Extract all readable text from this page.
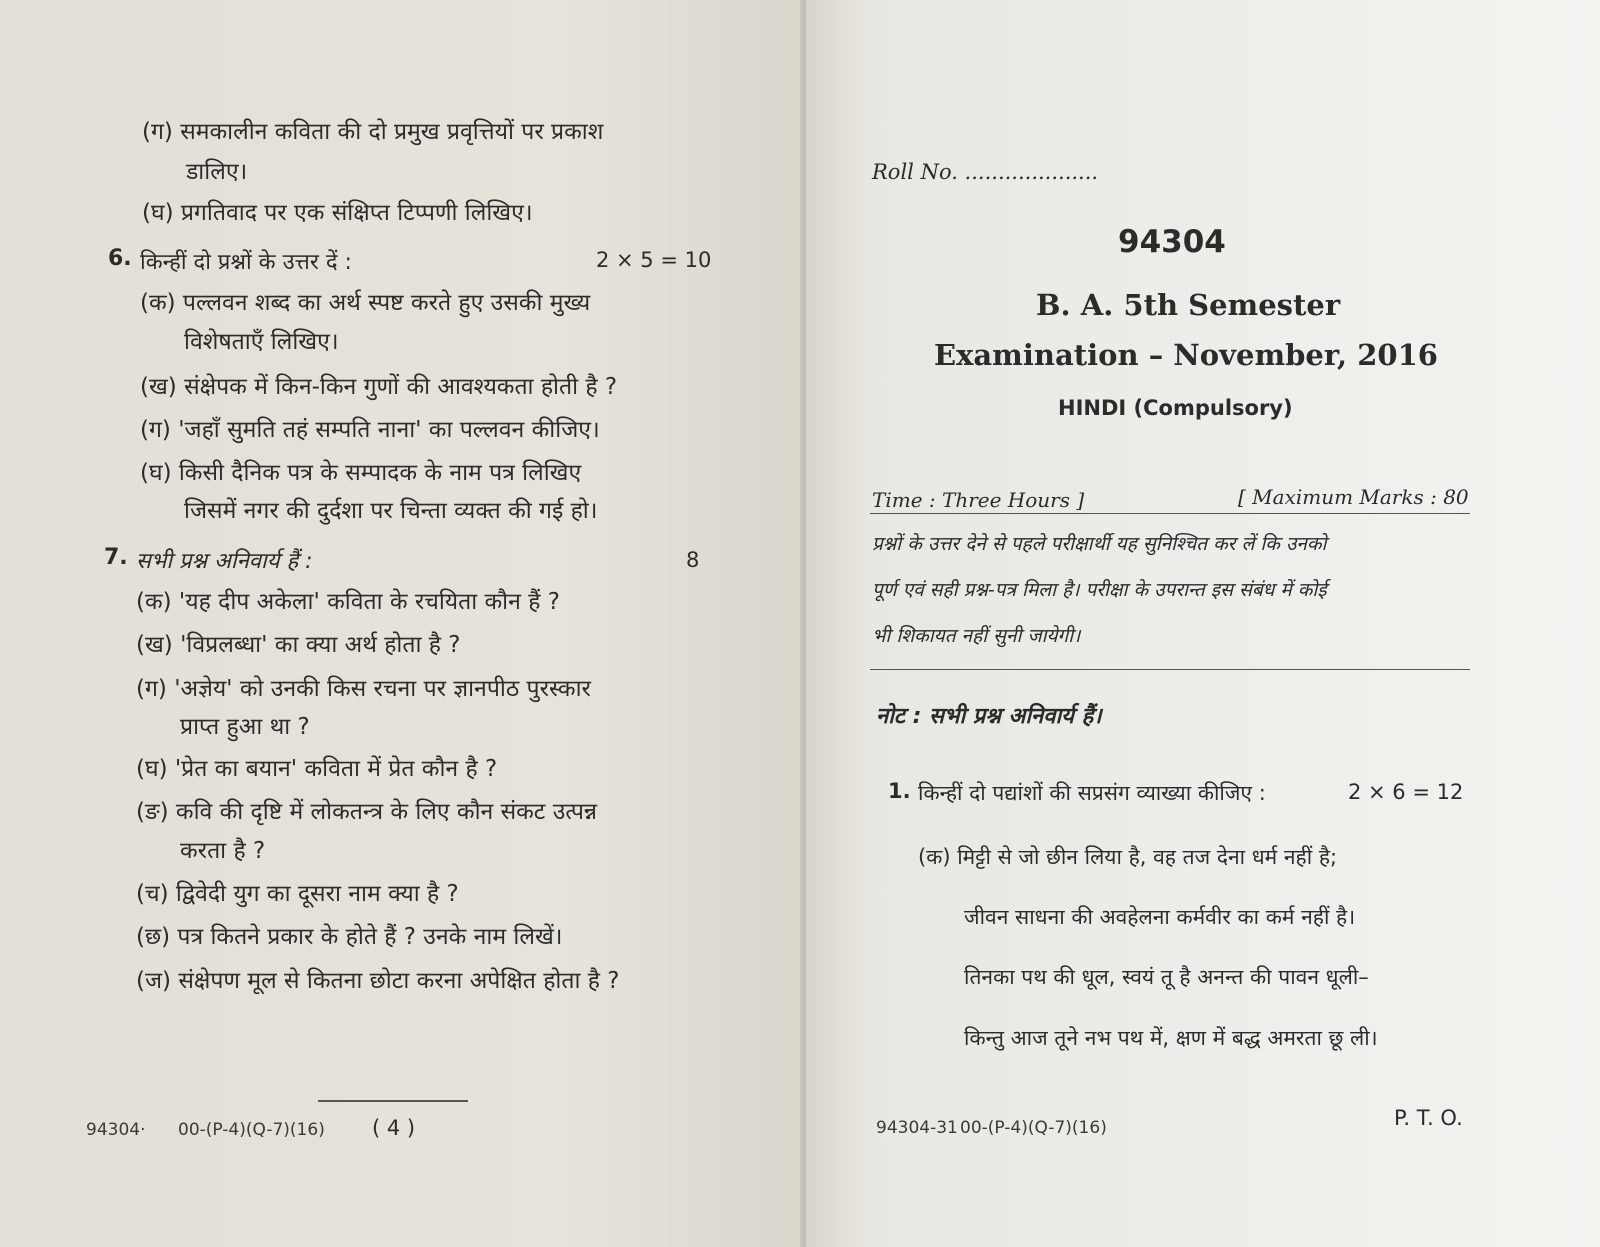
(ग) समकालीन कविता की दो प्रमुख प्रवृत्तियों पर प्रकाश

डालिए।

(घ) प्रगतिवाद पर एक संक्षिप्त टिप्पणी लिखिए।

6. किन्हीं दो प्रश्नों के उत्तर दें :	2 × 5 = 10

(क) पल्लवन शब्द का अर्थ स्पष्ट करते हुए उसकी मुख्य

विशेषताएँ लिखिए।

(ख) संक्षेपक में किन-किन गुणों की आवश्यकता होती है ?

(ग) 'जहाँ सुमति तहं सम्पति नाना' का पल्लवन कीजिए।

(घ) किसी दैनिक पत्र के सम्पादक के नाम पत्र लिखिए

जिसमें नगर की दुर्दशा पर चिन्ता व्यक्त की गई हो।

7. सभी प्रश्न अनिवार्य हैं :	8

(क) 'यह दीप अकेला' कविता के रचयिता कौन हैं ?

(ख) 'विप्रलब्धा' का क्या अर्थ होता है ?

(ग) 'अज्ञेय' को उनकी किस रचना पर ज्ञानपीठ पुरस्कार

प्राप्त हुआ था ?

(घ) 'प्रेत का बयान' कविता में प्रेत कौन है ?

(ङ) कवि की दृष्टि में लोकतन्त्र के लिए कौन संकट उत्पन्न

करता है ?

(च) द्विवेदी युग का दूसरा नाम क्या है ?

(छ) पत्र कितने प्रकार के होते हैं ? उनके नाम लिखें।

(ज) संक्षेपण मूल से कितना छोटा करना अपेक्षित होता है ?

94304· 00-(P-4)(Q-7)(16) ( 4 )

Roll No. ....................

94304

B. A. 5th Semester

Examination – November, 2016

HINDI (Compulsory)

Time : Three Hours ]	[ Maximum Marks : 80

प्रश्नों के उत्तर देने से पहले परीक्षार्थी यह सुनिश्चित कर लें कि उनको

पूर्ण एवं सही प्रश्न-पत्र मिला है। परीक्षा के उपरान्त इस संबंध में कोई

भी शिकायत नहीं सुनी जायेगी।

नोट : सभी प्रश्न अनिवार्य हैं।

1. किन्हीं दो पद्यांशों की सप्रसंग व्याख्या कीजिए :	2 × 6 = 12

(क) मिट्टी से जो छीन लिया है, वह तज देना धर्म नहीं है;

जीवन साधना की अवहेलना कर्मवीर का कर्म नहीं है।

तिनका पथ की धूल, स्वयं तू है अनन्त की पावन धूली–

किन्तु आज तूने नभ पथ में, क्षण में बद्ध अमरता छू ली।

94304-31 00-(P-4)(Q-7)(16)	P. T. O.
